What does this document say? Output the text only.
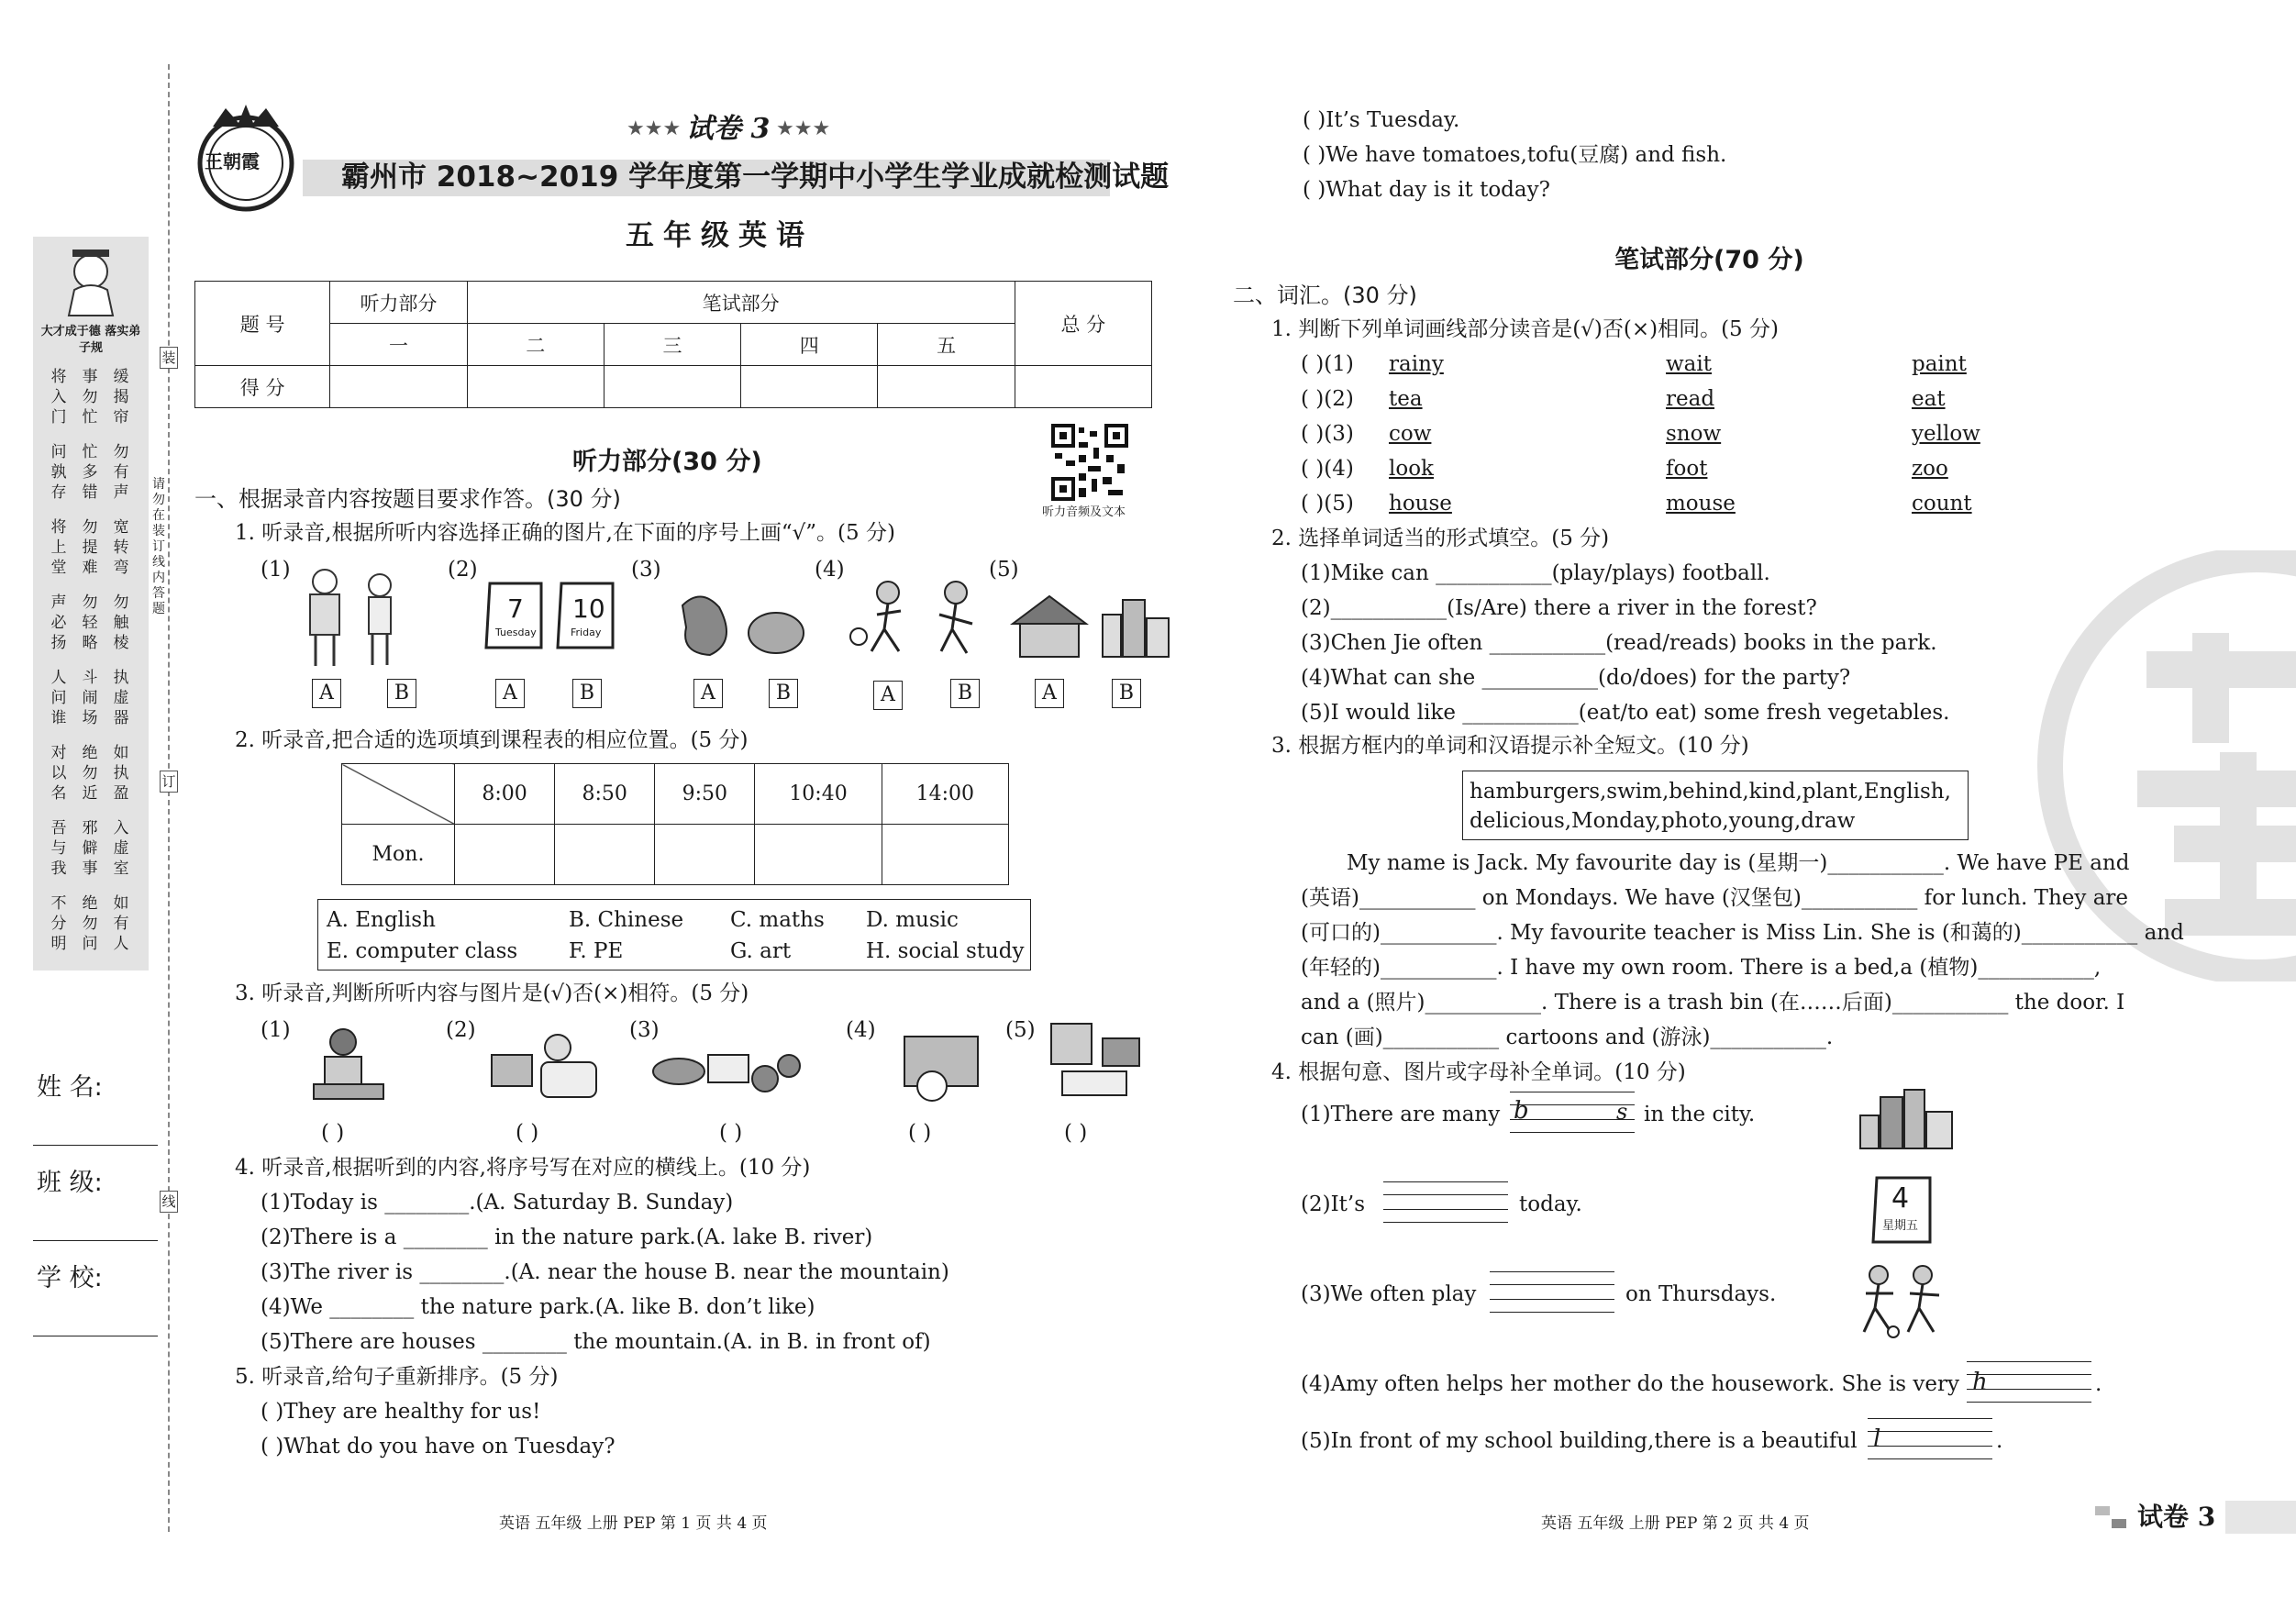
大才成于德 落实弟子规
将入门
事勿忙
缓揭帘
问孰存
忙多错
勿有声
将上堂
勿提难
宽转弯
声必扬
勿轻略
勿触棱
人问谁
斗闹场
执虚器
对以名
绝勿近
如执盈
吾与我
邪僻事
入虚室
不分明
绝勿问
如有人
装
订
线
请勿在装订线内答题
姓 名:
班 级:
学 校:
王朝霞
★★★ 试卷 3 ★★★
霸州市 2018~2019 学年度第一学期中小学生学业成就检测试题
五年级英语
题 号	听力部分	笔试部分				总 分
	一	二	三	四	五	
得 分						
听力音频及文本
听力部分(30 分)
一、根据录音内容按题目要求作答。(30 分)
1. 听录音,根据所听内容选择正确的图片,在下面的序号上画“√”。(5 分)
(1)	(2)	(3)	(4)	(5)
7
Tuesday
10
Friday
A	B	A	B	A	B	A	B	A	B
2. 听录音,把合适的选项填到课程表的相应位置。(5 分)
	8:00	8:50	9:50	10:40	14:00
Mon.					
A. English	B. Chinese C. maths D. music
E. computer class F. PE	G. art	H. social study
3. 听录音,判断所听内容与图片是(√)否(×)相符。(5 分)
(1)	(2)	(3)	(4)	(5)
( )	( )	( )	( )	( )
4. 听录音,根据听到的内容,将序号写在对应的横线上。(10 分)
(1)Today is ________.(A. Saturday B. Sunday)
(2)There is a ________ in the nature park.(A. lake B. river)
(3)The river is ________.(A. near the house B. near the mountain)
(4)We ________ the nature park.(A. like B. don’t like)
(5)There are houses ________ the mountain.(A. in B. in front of)
5. 听录音,给句子重新排序。(5 分)
( )They are healthy for us!
( )What do you have on Tuesday?
英语 五年级 上册 PEP 第 1 页 共 4 页
( )It’s Tuesday.
( )We have tomatoes,tofu(豆腐) and fish.
( )What day is it today?
笔试部分(70 分)
二、词汇。(30 分)
1. 判断下列单词画线部分读音是(√)否(×)相同。(5 分)
( )(1) rainy	wait	paint
( )(2) tea	read	eat
( )(3) cow	snow	yellow
( )(4) look	foot	zoo
( )(5) house	mouse	count
2. 选择单词适当的形式填空。(5 分)
(1)Mike can ___________(play/plays) football.
(2)___________(Is/Are) there a river in the forest?
(3)Chen Jie often ___________(read/reads) books in the park.
(4)What can she ___________(do/does) for the party?
(5)I would like ___________(eat/to eat) some fresh vegetables.
3. 根据方框内的单词和汉语提示补全短文。(10 分)
hamburgers,swim,behind,kind,plant,English,
delicious,Monday,photo,young,draw
My name is Jack. My favourite day is (星期一)___________. We have PE and
(英语)___________ on Mondays. We have (汉堡包)___________ for lunch. They are
(可口的)___________. My favourite teacher is Miss Lin. She is (和蔼的)___________ and
(年轻的)___________. I have my own room. There is a bed,a (植物)___________,
and a (照片)___________. There is a trash bin (在……后面)___________ the door. I
can (画)___________ cartoons and (游泳)___________.
4. 根据句意、图片或字母补全单词。(10 分)
(1)There are many b	s in the city.
(2)It’s	today.	4
星期五
(3)We often play	on Thursdays.
(4)Amy often helps her mother do the housework. She is very h	.
(5)In front of my school building,there is a beautiful l	.
英语 五年级 上册 PEP 第 2 页 共 4 页	试卷 3
